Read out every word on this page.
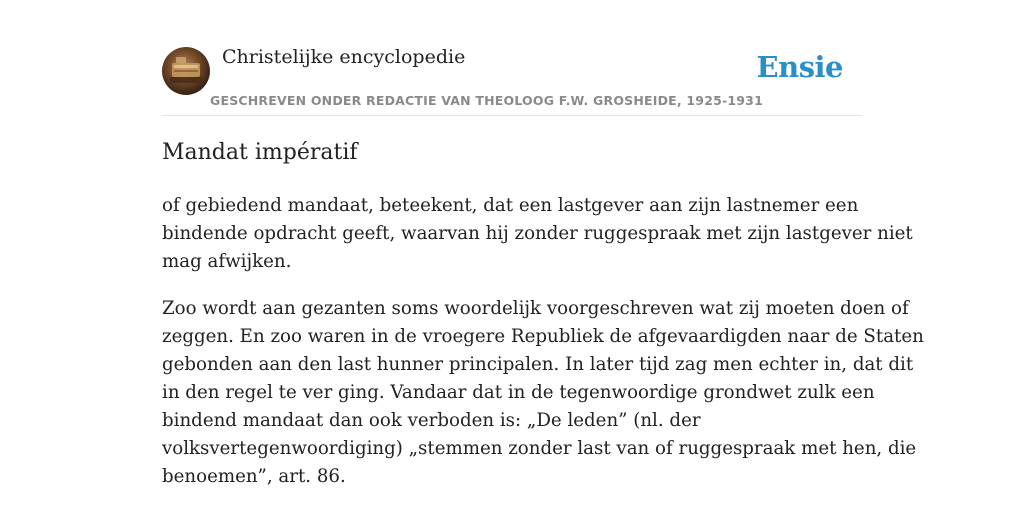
Christelijke encyclopedie
GESCHREVEN ONDER REDACTIE VAN THEOLOOG F.W. GROSHEIDE, 1925-1931
Ensie
Mandat impératif

of gebiedend mandaat, beteekent, dat een lastgever aan zijn lastnemer een
bindende opdracht geeft, waarvan hij zonder ruggespraak met zijn lastgever niet
mag afwijken.

Zoo wordt aan gezanten soms woordelijk voorgeschreven wat zij moeten doen of
zeggen. En zoo waren in de vroegere Republiek de afgevaardigden naar de Staten
gebonden aan den last hunner principalen. In later tijd zag men echter in, dat dit
in den regel te ver ging. Vandaar dat in de tegenwoordige grondwet zulk een
bindend mandaat dan ook verboden is: „De leden” (nl. der
volksvertegenwoordiging) „stemmen zonder last van of ruggespraak met hen, die
benoemen”, art. 86.
